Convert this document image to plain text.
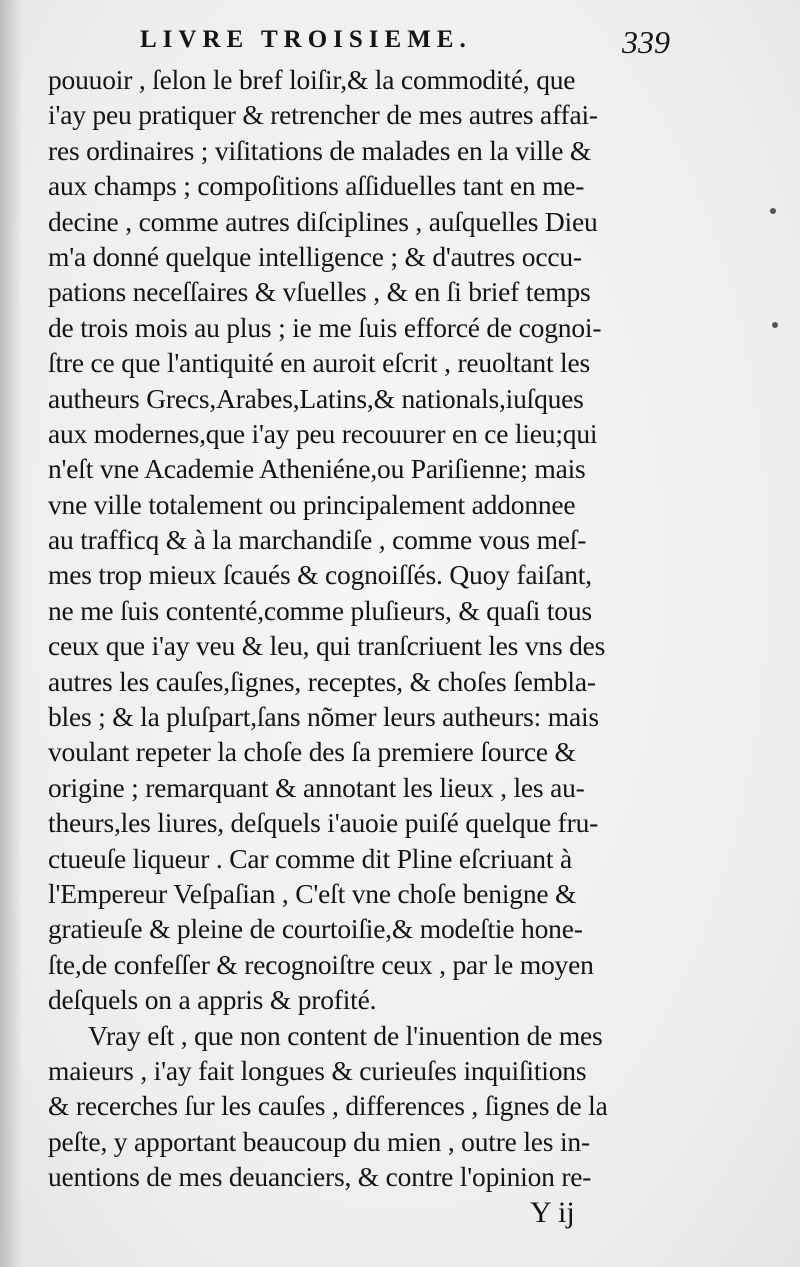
LIVRE TROISIEME.	339
pouuoir , ſelon le bref loiſir,& la commodité, que
i'ay peu pratiquer & retrencher de mes autres affai-
res ordinaires ; viſitations de malades en la ville &
aux champs ; compoſitions aſſiduelles tant en me-
decine , comme autres diſciplines , auſquelles Dieu
m'a donné quelque intelligence ; & d'autres occu-
pations neceſſaires & vſuelles , & en ſi brief temps
de trois mois au plus ; ie me ſuis efforcé de cognoi-
ſtre ce que l'antiquité en auroit eſcrit , reuoltant les
autheurs Grecs,Arabes,Latins,& nationals,iuſques
aux modernes,que i'ay peu recouurer en ce lieu;qui
n'eſt vne Academie Atheniéne,ou Pariſienne; mais
vne ville totalement ou principalement addonnee
au trafficq & à la marchandiſe , comme vous meſ-
mes trop mieux ſcaués & cognoiſſés. Quoy faiſant,
ne me ſuis contenté,comme pluſieurs, & quaſi tous
ceux que i'ay veu & leu, qui tranſcriuent les vns des
autres les cauſes,ſignes, receptes, & choſes ſembla-
bles ; & la pluſpart,ſans nõmer leurs autheurs: mais
voulant repeter la choſe des ſa premiere ſource &
origine ; remarquant & annotant les lieux , les au-
theurs,les liures, deſquels i'auoie puiſé quelque fru-
ctueuſe liqueur . Car comme dit Pline eſcriuant à
l'Empereur Veſpaſian , C'eſt vne choſe benigne &
gratieuſe & pleine de courtoiſie,& modeſtie hone-
ſte,de confeſſer & recognoiſtre ceux , par le moyen
deſquels on a appris & profité.
Vray eſt , que non content de l'inuention de mes
maieurs , i'ay fait longues & curieuſes inquiſitions
& recerches ſur les cauſes , differences , ſignes de la
peſte, y apportant beaucoup du mien , outre les in-
uentions de mes deuanciers, & contre l'opinion re-
Y ij
